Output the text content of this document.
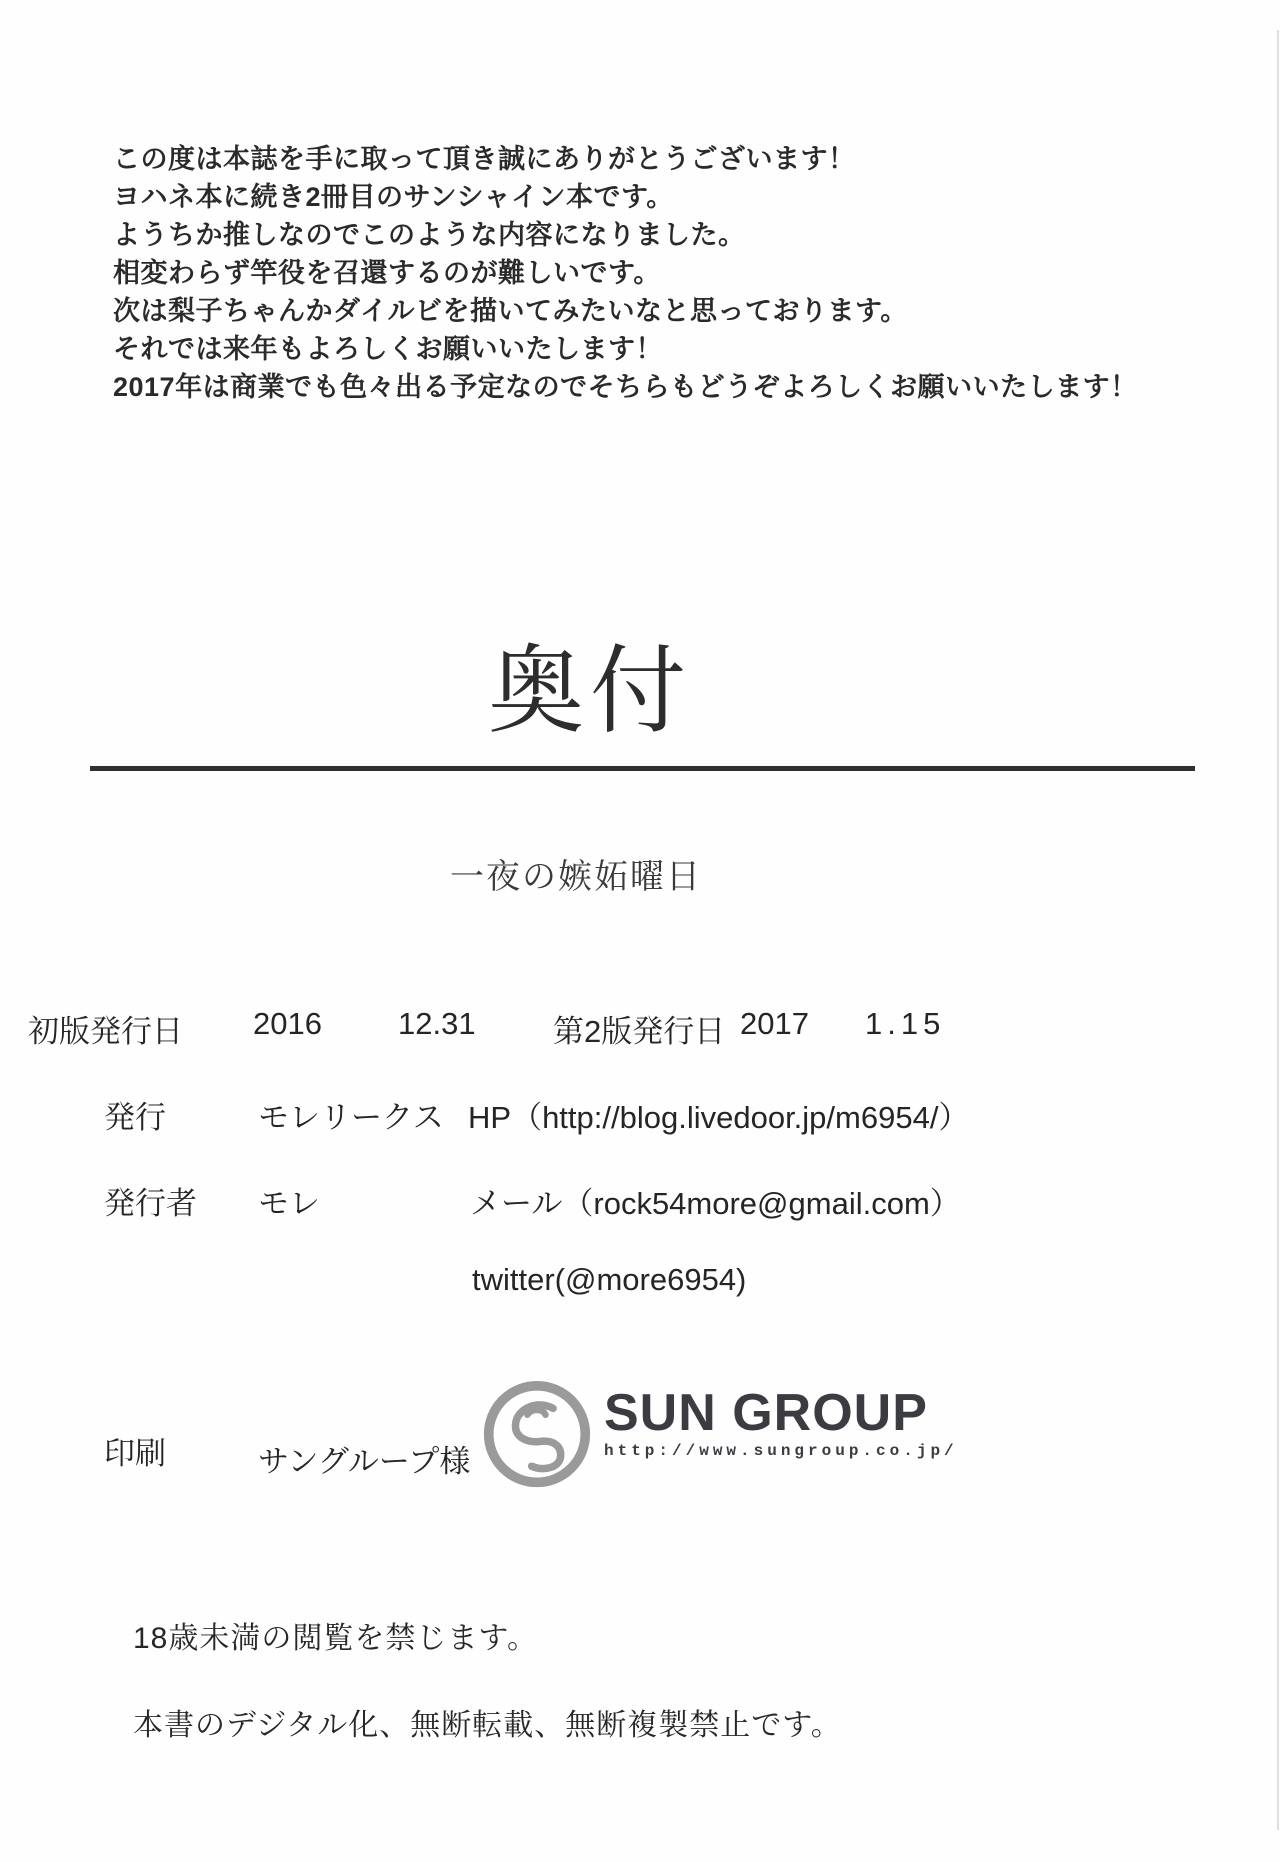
この度は本誌を手に取って頂き誠にありがとうございます！
ヨハネ本に続き2冊目のサンシャイン本です。
ようちか推しなのでこのような内容になりました。
相変わらず竿役を召還するのが難しいです。
次は梨子ちゃんかダイルビを描いてみたいなと思っております。
それでは来年もよろしくお願いいたします！
2017年は商業でも色々出る予定なのでそちらもどうぞよろしくお願いいたします！
奥付
一夜の嫉妬曜日
初版発行日 2016 12.31 第2版発行日 2017 1.15
発行	モレリークス HP（http://blog.livedoor.jp/m6954/）
発行者 モレ	メール（rock54more@gmail.com）
twitter(@more6954)
印刷	サングループ様
SUN GROUP
http://www.sungroup.co.jp/
18歳未満の閲覧を禁じます。
本書のデジタル化、無断転載、無断複製禁止です。
